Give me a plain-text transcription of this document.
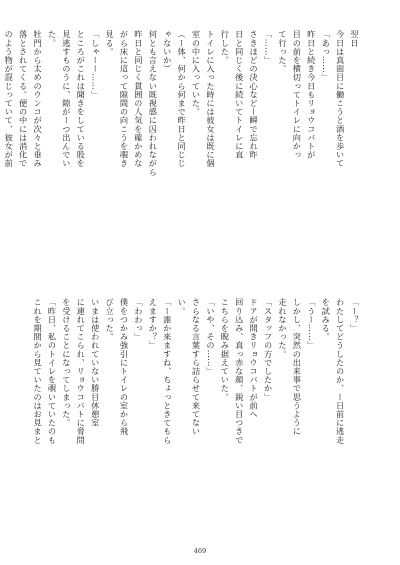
翌日
今日は真面目に働こうと酒を歩いて
「あっ……」
昨日と続き今日もリョウコバトが
目の前を横切ってトイレに向かっ
て行った。
「……」
さきほどの決心などー瞬で忘れ昨
日と同じく後に続いてトイレに直
行した。
トイレに入った時には彼女は既に個
室の中に入っていた。
（ー体、何から何まで昨日と同じじ
ゃないか）
何とも言えない既視感に囚われながら
昨日と同じく貫囲の人気を確かめな
がら床に這って隙間の向こうを覗き
見る。
「しゃーー……」
ところがこれは聞きをしている股を
見逃すものうに、隙がーつ出んでい
た。
牡門から太めのウンコが次々と垂み
落とされてくる。便の中には消化で
のよう物が混じっていて、彼女が前
「ー？」
わたしてどうしたのか、ー日前に逃走
を試みる。
「うー……」
しかし、突然の出来事で思うように
走れなかった。
「スタッフの方でしたか」
ドアが開きリョウコバトが前へ
回り込み、真っ赤な顔、鋭い目つきで
こちらを睨み据えていた。
「いや、その……」
さらなる言葉すら詰らせて来てない
い。
「ー誰か来ますね、ちょっときてもら
えますか？」
「わわっ」
僕をつかみ強引にトイレの室から飛
び立った。
いまは使われていない勝目休憩室
に連れてこられ、リョウコバトに脅問
を受けることになってしまった。
「昨日、私のトイレを覗いていたのも
これを期間から見ていたのはお見まと
469
